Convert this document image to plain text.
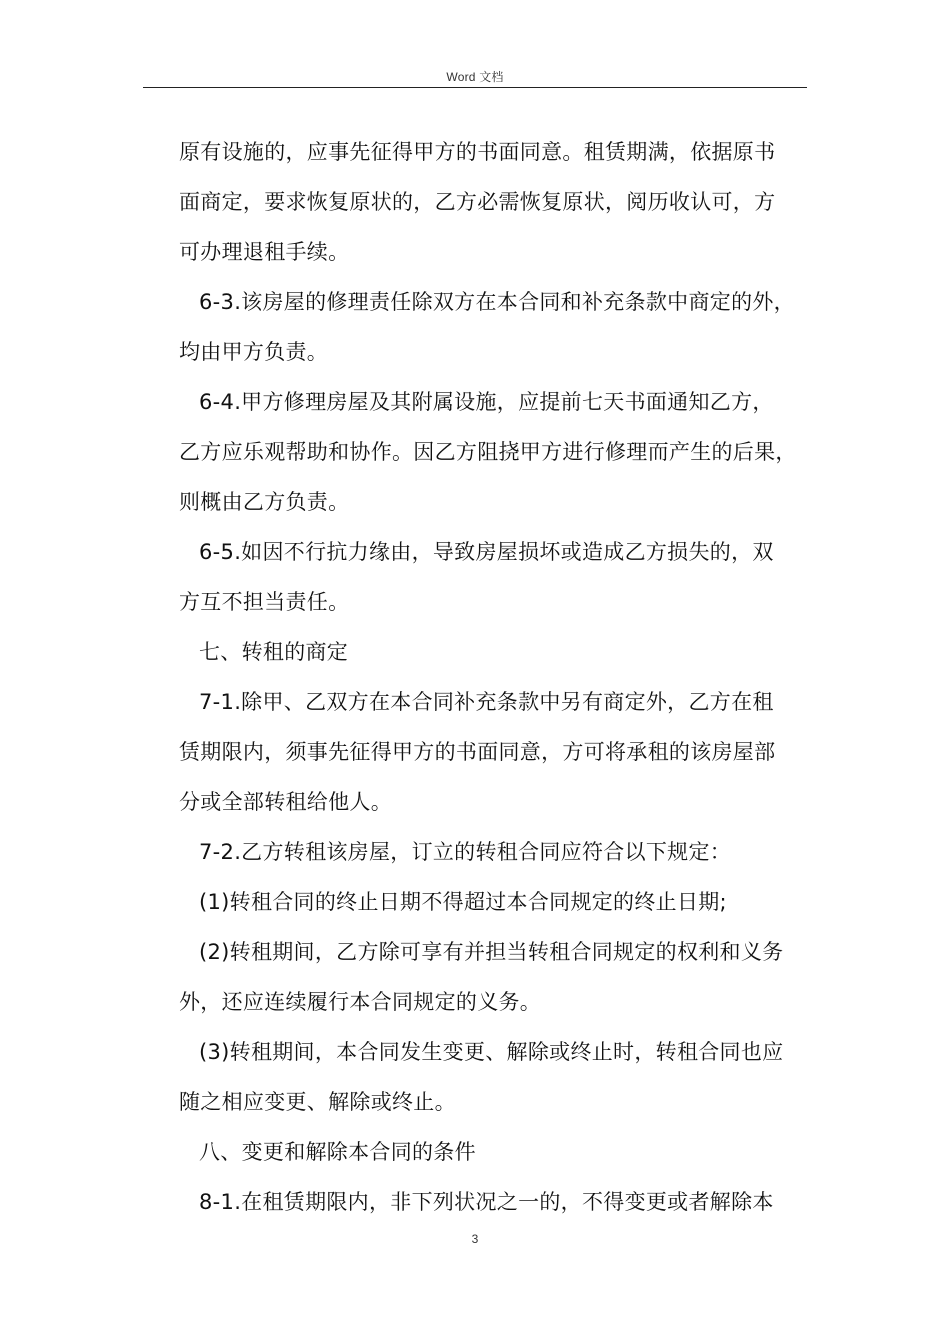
Word 文档
原有设施的，应事先征得甲方的书面同意。租赁期满，依据原书
面商定，要求恢复原状的，乙方必需恢复原状，阅历收认可，方
可办理退租手续。
6-3.该房屋的修理责任除双方在本合同和补充条款中商定的外，
均由甲方负责。
6-4.甲方修理房屋及其附属设施，应提前七天书面通知乙方，
乙方应乐观帮助和协作。因乙方阻挠甲方进行修理而产生的后果，
则概由乙方负责。
6-5.如因不行抗力缘由，导致房屋损坏或造成乙方损失的，双
方互不担当责任。
七、转租的商定
7-1.除甲、乙双方在本合同补充条款中另有商定外，乙方在租
赁期限内，须事先征得甲方的书面同意，方可将承租的该房屋部
分或全部转租给他人。
7-2.乙方转租该房屋，订立的转租合同应符合以下规定：
(1)转租合同的终止日期不得超过本合同规定的终止日期;
(2)转租期间，乙方除可享有并担当转租合同规定的权利和义务
外，还应连续履行本合同规定的义务。
(3)转租期间，本合同发生变更、解除或终止时，转租合同也应
随之相应变更、解除或终止。
八、变更和解除本合同的条件
8-1.在租赁期限内，非下列状况之一的，不得变更或者解除本
3
